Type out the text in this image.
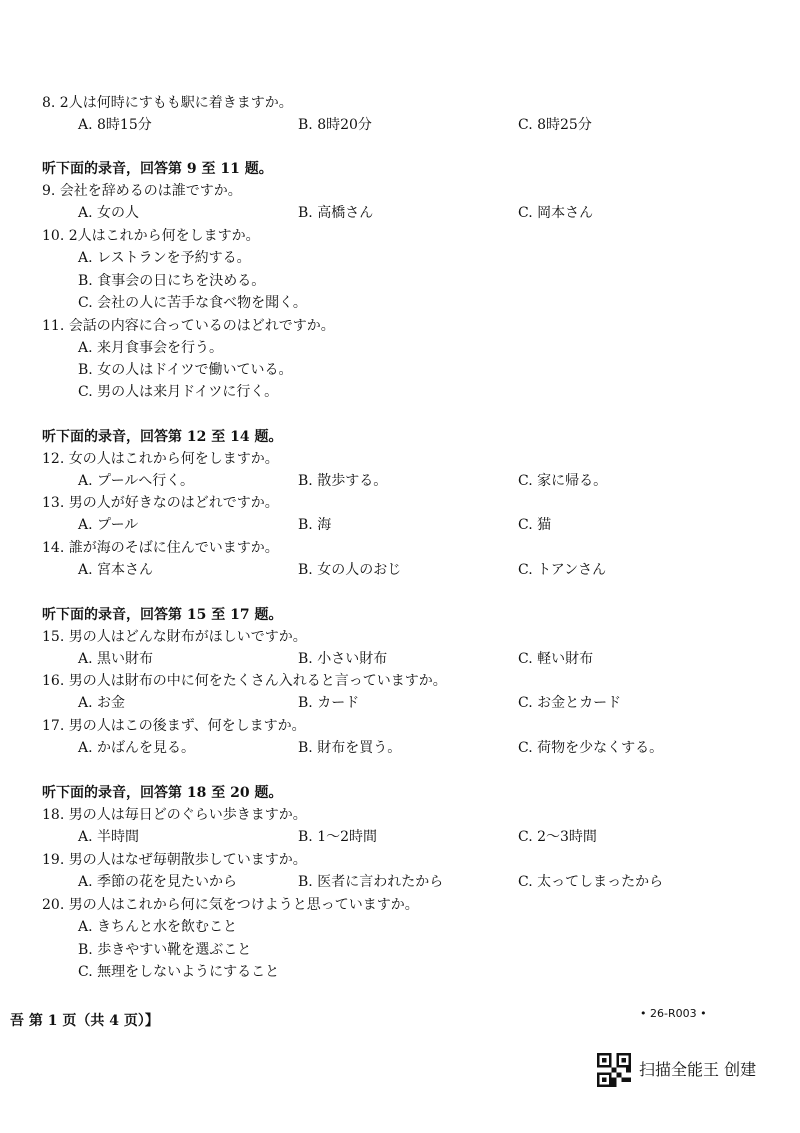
8. 2人は何時にすもも駅に着きますか。
A. 8時15分	B. 8時20分	C. 8時25分
听下面的录音，回答第 9 至 11 题。
9. 会社を辞めるのは誰ですか。
A. 女の人	B. 高橋さん	C. 岡本さん
10. 2人はこれから何をしますか。
A. レストランを予約する。
B. 食事会の日にちを決める。
C. 会社の人に苦手な食べ物を聞く。
11. 会話の内容に合っているのはどれですか。
A. 来月食事会を行う。
B. 女の人はドイツで働いている。
C. 男の人は来月ドイツに行く。
听下面的录音，回答第 12 至 14 题。
12. 女の人はこれから何をしますか。
A. プールへ行く。	B. 散歩する。	C. 家に帰る。
13. 男の人が好きなのはどれですか。
A. プール	B. 海	C. 猫
14. 誰が海のそばに住んでいますか。
A. 宮本さん	B. 女の人のおじ	C. トアンさん
听下面的录音，回答第 15 至 17 题。
15. 男の人はどんな財布がほしいですか。
A. 黒い財布	B. 小さい財布	C. 軽い財布
16. 男の人は財布の中に何をたくさん入れると言っていますか。
A. お金	B. カード	C. お金とカード
17. 男の人はこの後まず、何をしますか。
A. かばんを見る。	B. 財布を買う。	C. 荷物を少なくする。
听下面的录音，回答第 18 至 20 题。
18. 男の人は毎日どのぐらい歩きますか。
A. 半時間	B. 1～2時間	C. 2～3時間
19. 男の人はなぜ毎朝散歩していますか。
A. 季節の花を見たいから	B. 医者に言われたから	C. 太ってしまったから
20. 男の人はこれから何に気をつけようと思っていますか。
A. きちんと水を飲むこと
B. 歩きやすい靴を選ぶこと
C. 無理をしないようにすること
吾 第 1 页（共 4 页）】	• 26-R003 •
扫描全能王 创建
